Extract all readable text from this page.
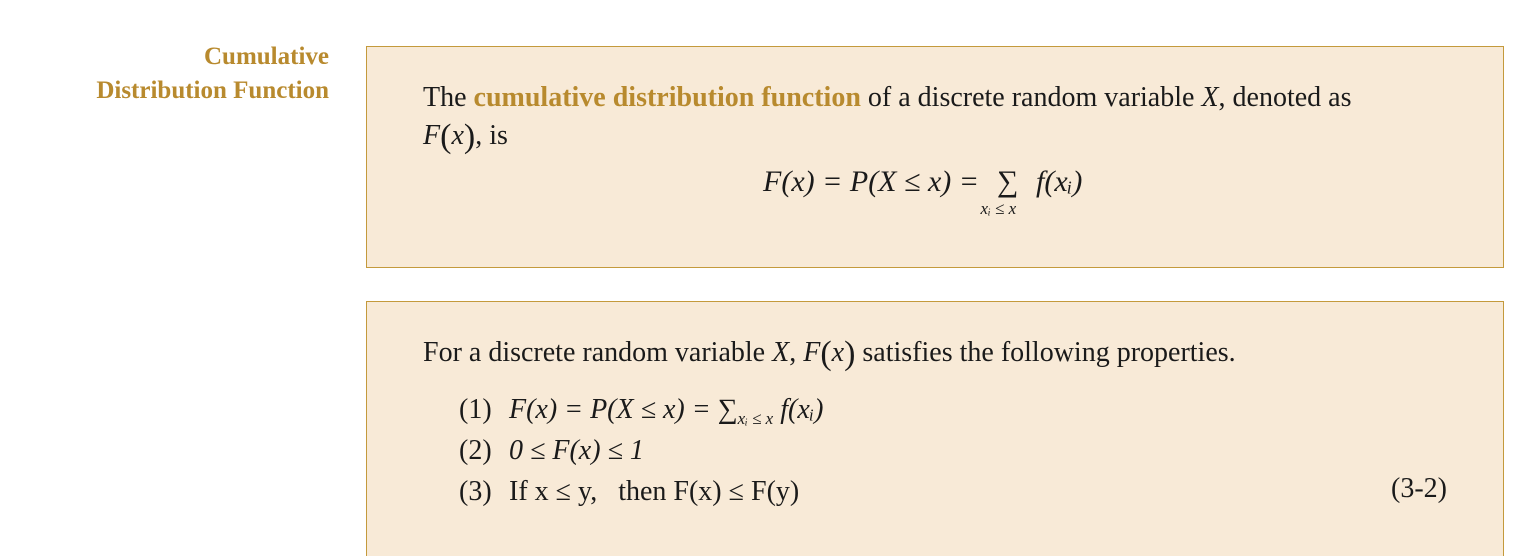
Cumulative
Distribution Function	The cumulative distribution function of a discrete random variable X, denoted as
F(x), is
F(x) = P(X ≤ x) = ∑
xᵢ ≤ x
f(xᵢ)
For a discrete random variable X, F(x) satisfies the following properties.
(1) $F(x) = P(X \le x) = \sum_{xᵢ \le x}$ f(xᵢ)
(2) 0 ≤ F(x) ≤ 1
(3) If x ≤ y,   then F(x) ≤ F(y)	(3-2)
